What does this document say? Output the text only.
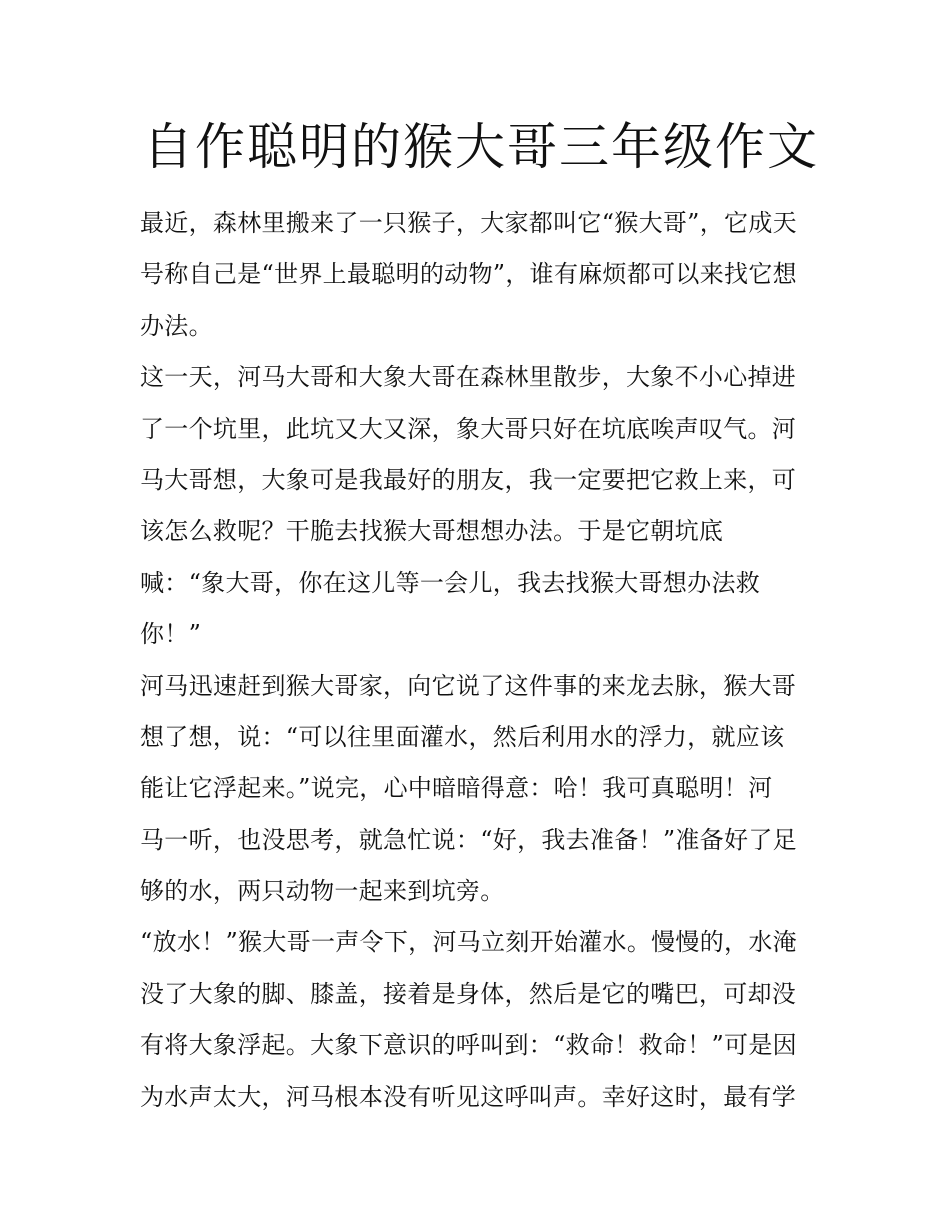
自作聪明的猴大哥三年级作文
最近，森林里搬来了一只猴子，大家都叫它“猴大哥”，它成天
号称自己是“世界上最聪明的动物”，谁有麻烦都可以来找它想
办法。
这一天，河马大哥和大象大哥在森林里散步，大象不小心掉进
了一个坑里，此坑又大又深，象大哥只好在坑底唉声叹气。河
马大哥想，大象可是我最好的朋友，我一定要把它救上来，可
该怎么救呢？干脆去找猴大哥想想办法。于是它朝坑底
喊：“象大哥，你在这儿等一会儿，我去找猴大哥想办法救
你！”
河马迅速赶到猴大哥家，向它说了这件事的来龙去脉，猴大哥
想了想，说：“可以往里面灌水，然后利用水的浮力，就应该
能让它浮起来。”说完，心中暗暗得意：哈！我可真聪明！河
马一听，也没思考，就急忙说：“好，我去准备！”准备好了足
够的水，两只动物一起来到坑旁。
“放水！”猴大哥一声令下，河马立刻开始灌水。慢慢的，水淹
没了大象的脚、膝盖，接着是身体，然后是它的嘴巴，可却没
有将大象浮起。大象下意识的呼叫到：“救命！救命！”可是因
为水声太大，河马根本没有听见这呼叫声。幸好这时，最有学
